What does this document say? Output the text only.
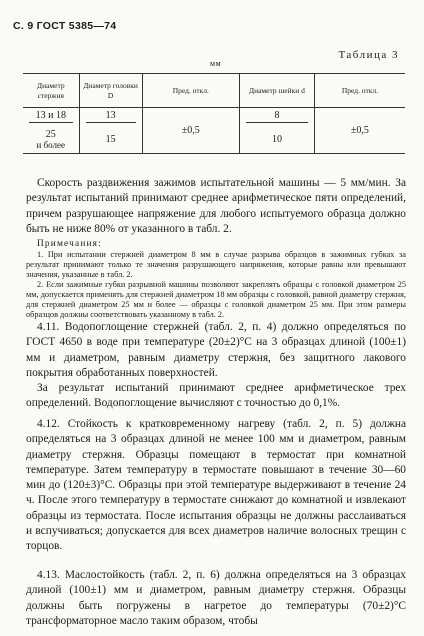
С. 9 ГОСТ 5385—74
Таблица 3
мм
Диаметр стержня	Диаметр головки D	Пред. откл.	Диаметр шейки d	Пред. откл.

13 и 18	13	±0,5	8	±0,5

25
и более	15		10	
Скорость раздвижения зажимов испытательной машины — 5 мм/мин. За результат испытаний принимают среднее арифметическое пяти определений, причем разрушающее напряжение для любого испытуемого образца должно быть не ниже 80% от указанного в табл. 2.
Примечания:
1. При испытании стержней диаметром 8 мм в случае разрыва образцов в зажимных губках за результат принимают только те значения разрушающего напряжения, которые равны или превышают значения, указанные в табл. 2.
2. Если зажимные губки разрывной машины позволяют закреплять образцы с головкой диаметром 25 мм, допускается применять для стержней диаметром 18 мм образцы с головкой, равной диаметру стержня, для стержней диаметром 25 мм и более — образцы с головкой диаметром 25 мм. При этом размеры образцов должны соответствовать указанному в табл. 2.
4.11. Водопоглощение стержней (табл. 2, п. 4) должно определяться по ГОСТ 4650 в воде при температуре (20±2)°С на 3 образцах длиной (100±1) мм и диаметром, равным диаметру стержня, без защитного лакового покрытия обработанных поверхностей.
За результат испытаний принимают среднее арифметическое трех определений. Водопоглощение вычисляют с точностью до 0,1%.
4.12. Стойкость к кратковременному нагреву (табл. 2, п. 5) должна определяться на 3 образцах длиной не менее 100 мм и диаметром, равным диаметру стержня. Образцы помещают в термостат при комнатной температуре. Затем температуру в термостате повышают в течение 30—60 мин до (120±3)°С. Образцы при этой температуре выдерживают в течение 24 ч. После этого температуру в термостате снижают до комнатной и извлекают образцы из термостата. После испытания образцы не должны расслаиваться и вспучиваться; допускается для всех диаметров наличие волосных трещин с торцов.
4.13. Маслостойкость (табл. 2, п. 6) должна определяться на 3 образцах длиной (100±1) мм и диаметром, равным диаметру стержня. Образцы должны быть погружены в нагретое до температуры (70±2)°С трансформаторное масло таким образом, чтобы
